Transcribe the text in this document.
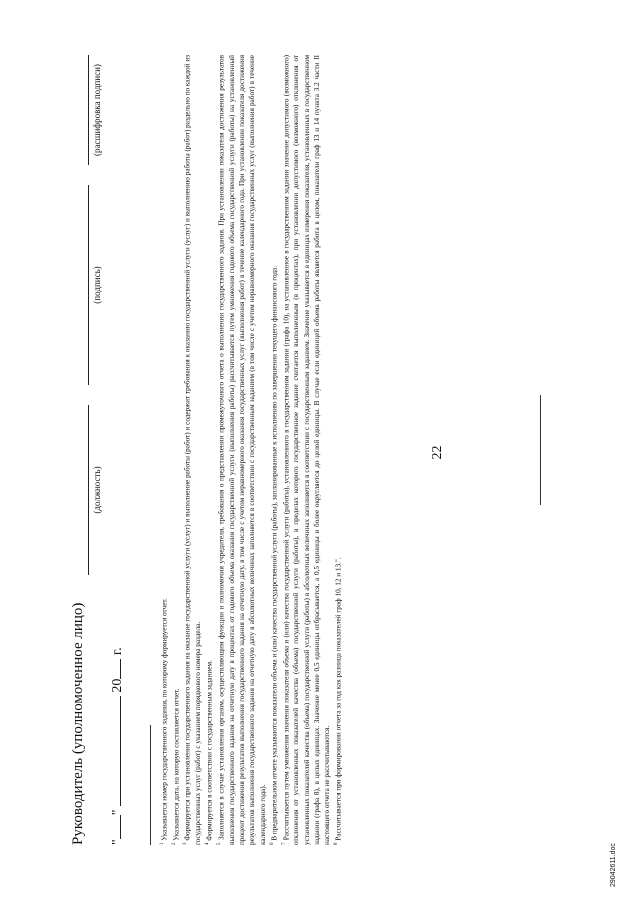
22
Руководитель (уполномоченное лицо)
(должность)
(подпись)
(расшифровка подписи)
""  20 г.

$^1$ Указывается номер государственного задания, по которому формируется отчет.

$^2$ Указывается дата, на которую составляется отчет.

$^3$ Формируется при установлении государственного задания на оказание государственной услуги (услуг) и выполнение работы (работ) и содержит требования к оказанию государственной услуги (услуг) и выполнению работы (работ) раздельно по каждой из государственных услуг (работ) с указанием порядкового номера раздела. $^4$ Формируется в соответствии с государственным заданием.

$^5$ Заполняется в случае установления органом, осуществляющим функции и полномочия учредителя, требования о представлении промежуточного отчета о выполнении государственного задания. При установлении показателя достижения результатов выполнения государственного задания на отчетную дату в процентах от годового объема оказания государственной услуги (выполнения работы) рассчитывается путем умножения годового объема государственной услуги (работы) на установленный процент достижения результатов выполнения государственного задания на отчетную дату, в том числе с учетом неравномерного оказания государственных услуг (выполнения работ) в течение календарного года. При установлении показателя достижения результатов выполнения государственного задания на отчетную дату в абсолютных величинах заполняется в соответствии с государственным заданием (в том числе с учетом неравномерного оказания государственных услуг (выполнения работ) в течение календарного года). $^6$ В предварительном отчете указываются показатели объема и (или) качества государственной услуги (работы), запланированные к исполнению по завершении текущего финансового года.

$^7$ Рассчитывается путем умножения значения показателя объема и (или) качества государственной услуги (работы), установленного в государственном задании (графа 10), на установленное в государственном задании значение допустимого (возможного) отклонения от установленных показателей качества (объема) государственной услуги (работы), в пределах которого государственное задание считается выполненным (в процентах), при установлении допустимого (возможного) отклонения от установленных показателей качества (объема) государственной услуги (работы) в абсолютных величинах заполняется в соответствии с государственным заданием. Значение указывается в единицах измерения показателя, установленных в государственном задании (графа 8), в целых единицах. Значение менее 0,5 единицы отбрасывается, а 0,5 единицы и более округляется до целой единицы. В случае если единицей объема работы является работа в целом, показатели граф 13 и 14 пункта 3.2 части II настоящего отчета не рассчитываются. $^8$ Рассчитывается при формировании отчета за год как разница показателей граф 10, 12 и 13.".

29042611.doc
